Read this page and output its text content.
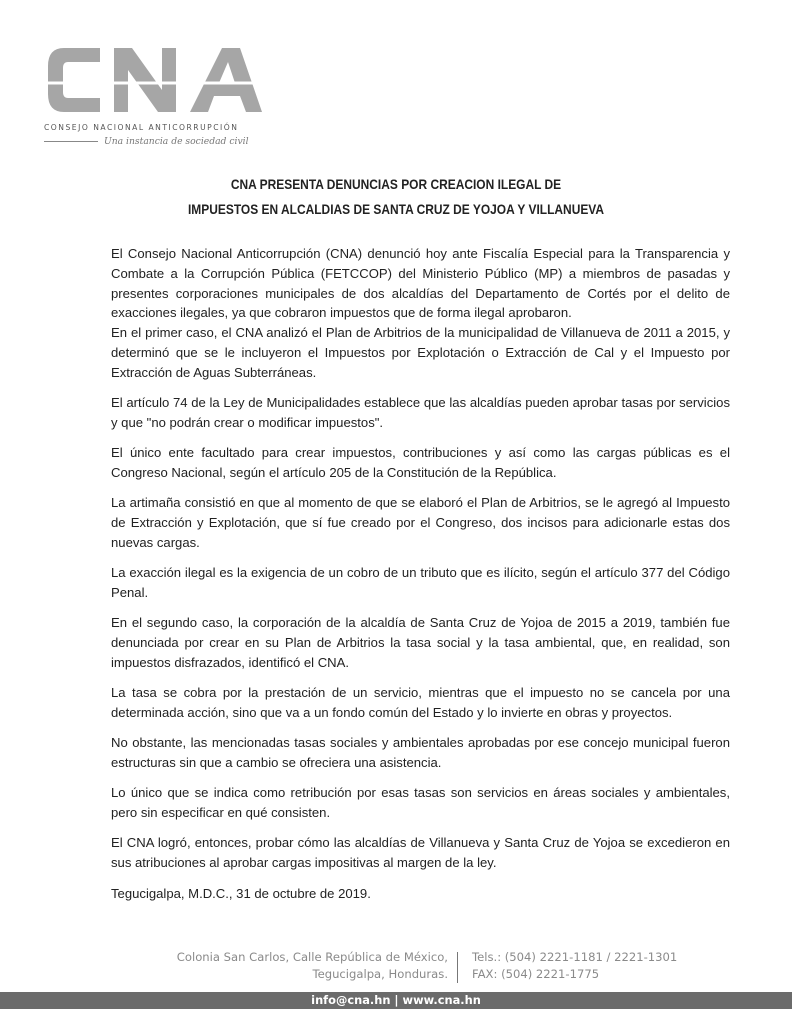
CONSEJO NACIONAL ANTICORRUPCIÓN
Una instancia de sociedad civil
CNA PRESENTA DENUNCIAS POR CREACION ILEGAL DE
IMPUESTOS EN ALCALDIAS DE SANTA CRUZ DE YOJOA Y VILLANUEVA

El Consejo Nacional Anticorrupción (CNA) denunció hoy ante Fiscalía Especial para la Transparencia y Combate a la Corrupción Pública (FETCCOP) del Ministerio Público (MP) a miembros de pasadas y presentes corporaciones municipales de dos alcaldías del Departamento de Cortés por el delito de exacciones ilegales, ya que cobraron impuestos que de forma ilegal aprobaron.

En el primer caso, el CNA analizó el Plan de Arbitrios de la municipalidad de Villanueva de 2011 a 2015, y determinó que se le incluyeron el Impuestos por Explotación o Extracción de Cal y el Impuesto por Extracción de Aguas Subterráneas.

El artículo 74 de la Ley de Municipalidades establece que las alcaldías pueden aprobar tasas por servicios y que "no podrán crear o modificar impuestos".

El único ente facultado para crear impuestos, contribuciones y así como las cargas públicas es el Congreso Nacional, según el artículo 205 de la Constitución de la República.

La artimaña consistió en que al momento de que se elaboró el Plan de Arbitrios, se le agregó al Impuesto de Extracción y Explotación, que sí fue creado por el Congreso, dos incisos para adicionarle estas dos nuevas cargas.

La exacción ilegal es la exigencia de un cobro de un tributo que es ilícito, según el artículo 377 del Código Penal.

En el segundo caso, la corporación de la alcaldía de Santa Cruz de Yojoa de 2015 a 2019, también fue denunciada por crear en su Plan de Arbitrios la tasa social y la tasa ambiental, que, en realidad, son impuestos disfrazados, identificó el CNA.

La tasa se cobra por la prestación de un servicio, mientras que el impuesto no se cancela por una determinada acción, sino que va a un fondo común del Estado y lo invierte en obras y proyectos.

No obstante, las mencionadas tasas sociales y ambientales aprobadas por ese concejo municipal fueron estructuras sin que a cambio se ofreciera una asistencia.

Lo único que se indica como retribución por esas tasas son servicios en áreas sociales y ambientales, pero sin especificar en qué consisten.

El CNA logró, entonces, probar cómo las alcaldías de Villanueva y Santa Cruz de Yojoa se excedieron en sus atribuciones al aprobar cargas impositivas al margen de la ley.

Tegucigalpa, M.D.C., 31 de octubre de 2019.

Colonia San Carlos, Calle República de México,
Tegucigalpa, Honduras.
Tels.: (504) 2221-1181 / 2221-1301
FAX: (504) 2221-1775
info@cna.hn | www.cna.hn
